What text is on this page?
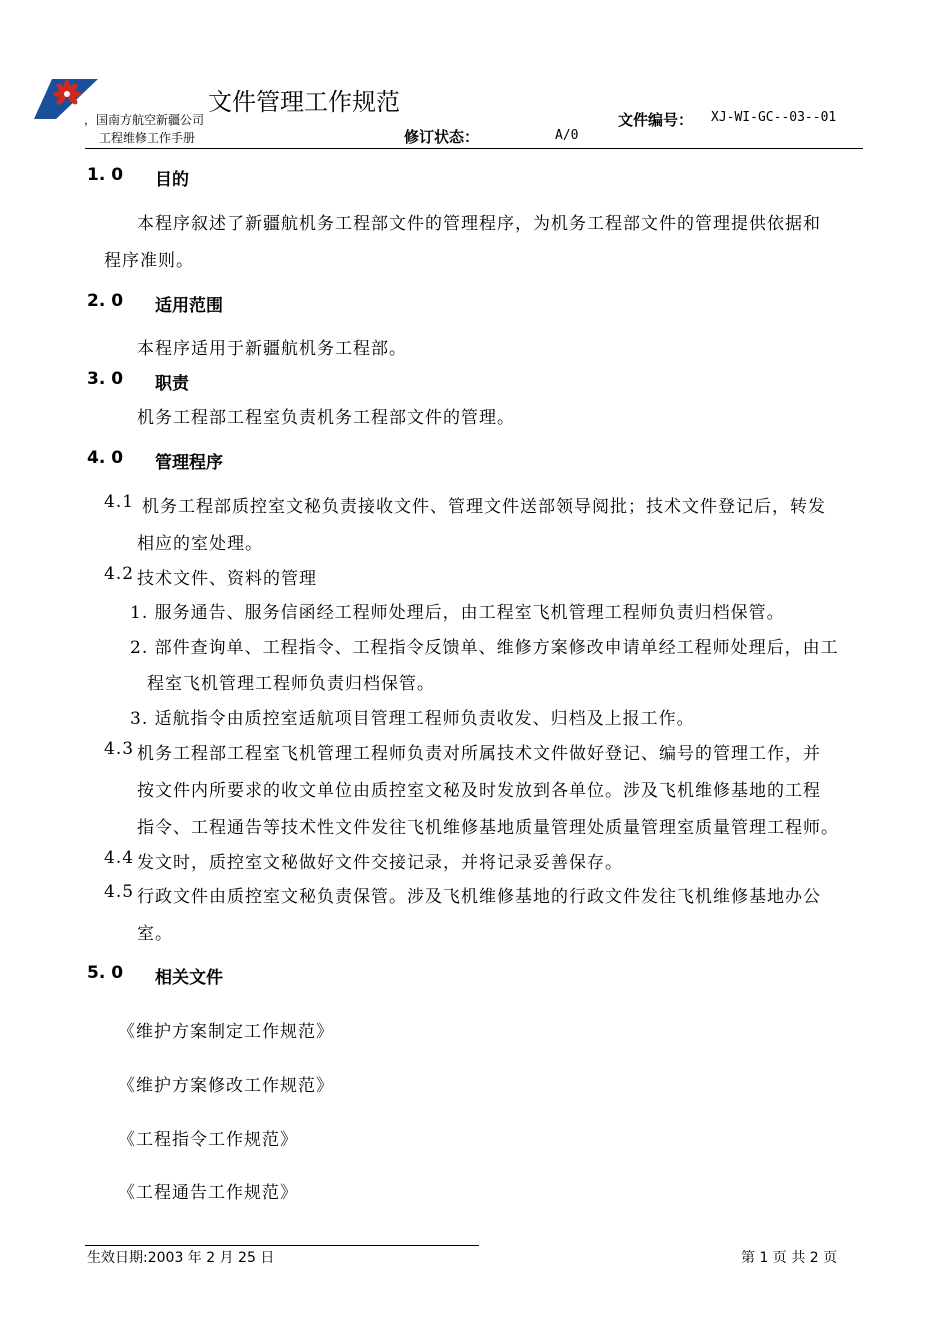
文件管理工作规范
，国南方航空新疆公司
工程维修工作手册
文件编号： XJ-WI-GC--03--01
修订状态：	A/0
1. 0 目的
本程序叙述了新疆航机务工程部文件的管理程序，为机务工程部文件的管理提供依据和
程序准则。
2. 0 适用范围
本程序适用于新疆航机务工程部。
3. 0 职责
机务工程部工程室负责机务工程部文件的管理。
4. 0 管理程序
4.1 机务工程部质控室文秘负责接收文件、管理文件送部领导阅批；技术文件登记后，转发
相应的室处理。
4.2 技术文件、资料的管理
1. 服务通告、服务信函经工程师处理后，由工程室飞机管理工程师负责归档保管。
2. 部件查询单、工程指令、工程指令反馈单、维修方案修改申请单经工程师处理后，由工
程室飞机管理工程师负责归档保管。
3. 适航指令由质控室适航项目管理工程师负责收发、归档及上报工作。
4.3 机务工程部工程室飞机管理工程师负责对所属技术文件做好登记、编号的管理工作，并
按文件内所要求的收文单位由质控室文秘及时发放到各单位。涉及飞机维修基地的工程
指令、工程通告等技术性文件发往飞机维修基地质量管理处质量管理室质量管理工程师。
4.4 发文时，质控室文秘做好文件交接记录，并将记录妥善保存。
4.5 行政文件由质控室文秘负责保管。涉及飞机维修基地的行政文件发往飞机维修基地办公
室。
5. 0 相关文件
《维护方案制定工作规范》
《维护方案修改工作规范》
《工程指令工作规范》
《工程通告工作规范》
生效日期:2003 年 2 月 25 日	第 1 页 共 2 页
